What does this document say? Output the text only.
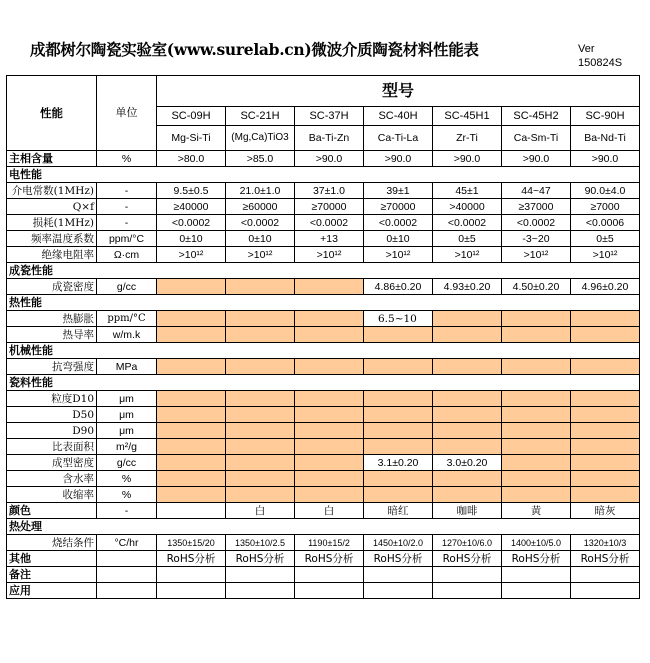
成都树尔陶瓷实验室(www.surelab.cn)微波介质陶瓷材料性能表	Ver
150824S
性能	单位	型号						
		SC-09H	SC-21H	SC-37H	SC-40H	SC-45H1	SC-45H2	SC-90H
		Mg-Si-Ti	(Mg,Ca)TiO3	Ba-Ti-Zn	Ca-Ti-La	Zr-Ti	Ca-Sm-Ti	Ba-Nd-Ti
主相含量	%	>80.0	>85.0	>90.0	>90.0	>90.0	>90.0	>90.0
电性能								
介电常数(1MHz)	-	9.5±0.5	21.0±1.0	37±1.0	39±1	45±1	44~47	90.0±4.0
Q×f	-	≥40000	≥60000	≥70000	≥70000	>40000	≥37000	≥7000
损耗(1MHz)	-	<0.0002	<0.0002	<0.0002	<0.0002	<0.0002	<0.0002	<0.0006
频率温度系数	ppm/°C	0±10	0±10	+13	0±10	0±5	-3~20	0±5
绝缘电阻率	Ω·cm	>10¹²	>10¹²	>10¹²	>10¹²	>10¹²	>10¹²	>10¹²
成瓷性能								
成瓷密度	g/cc				4.86±0.20	4.93±0.20	4.50±0.20	4.96±0.20
热性能								
热膨胀	ppm/°C				6.5~10			
热导率	w/m.k							
机械性能								
抗弯强度	MPa							
瓷料性能								
粒度D10	μm							
D50	μm							
D90	μm							
比表面积	m²/g							
成型密度	g/cc				3.1±0.20	3.0±0.20		
含水率	%							
收缩率	%							
颜色	-		白	白	暗红	咖啡	黄	暗灰
热处理								
烧结条件	°C/hr	1350±15/20	1350±10/2.5	1190±15/2	1450±10/2.0	1270±10/6.0	1400±10/5.0	1320±10/3
其他		RoHS分析	RoHS分析	RoHS分析	RoHS分析	RoHS分析	RoHS分析	RoHS分析
备注								
应用								
